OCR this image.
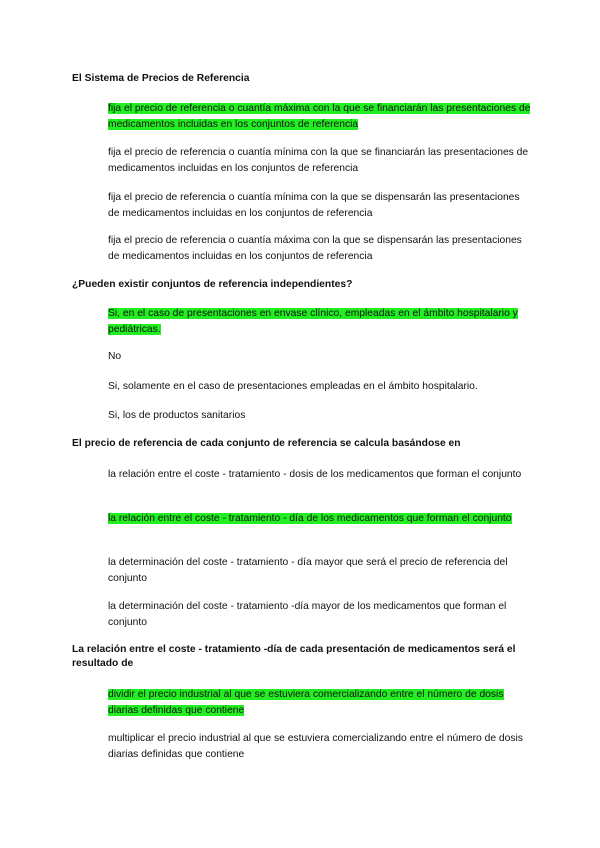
El Sistema de Precios de Referencia

fija el precio de referencia o cuantía máxima con la que se financiarán las presentaciones de medicamentos incluidas en los conjuntos de referencia

fija el precio de referencia o cuantía mínima con la que se financiarán las presentaciones de medicamentos incluidas en los conjuntos de referencia

fija el precio de referencia o cuantía mínima con la que se dispensarán las presentaciones de medicamentos incluidas en los conjuntos de referencia

fija el precio de referencia o cuantía máxima con la que se dispensarán las presentaciones de medicamentos incluidas en los conjuntos de referencia

¿Pueden existir conjuntos de referencia independientes?

Si, en el caso de presentaciones en envase clínico, empleadas en el ámbito hospitalario y pediátricas.

No

Si, solamente en el caso de presentaciones empleadas en el ámbito hospitalario.

Si, los de productos sanitarios

El precio de referencia de cada conjunto de referencia se calcula basándose en

la relación entre el coste - tratamiento - dosis de los medicamentos que forman el conjunto

la relación entre el coste - tratamiento - día de los medicamentos que forman el conjunto

la determinación del coste - tratamiento - día mayor que será el precio de referencia del conjunto

la determinación del coste - tratamiento -día mayor de los medicamentos que forman el conjunto

La relación entre el coste - tratamiento -día de cada presentación de medicamentos será el resultado de

dividir el precio industrial al que se estuviera comercializando entre el número de dosis diarias definidas que contiene

multiplicar el precio industrial al que se estuviera comercializando entre el número de dosis diarias definidas que contiene
